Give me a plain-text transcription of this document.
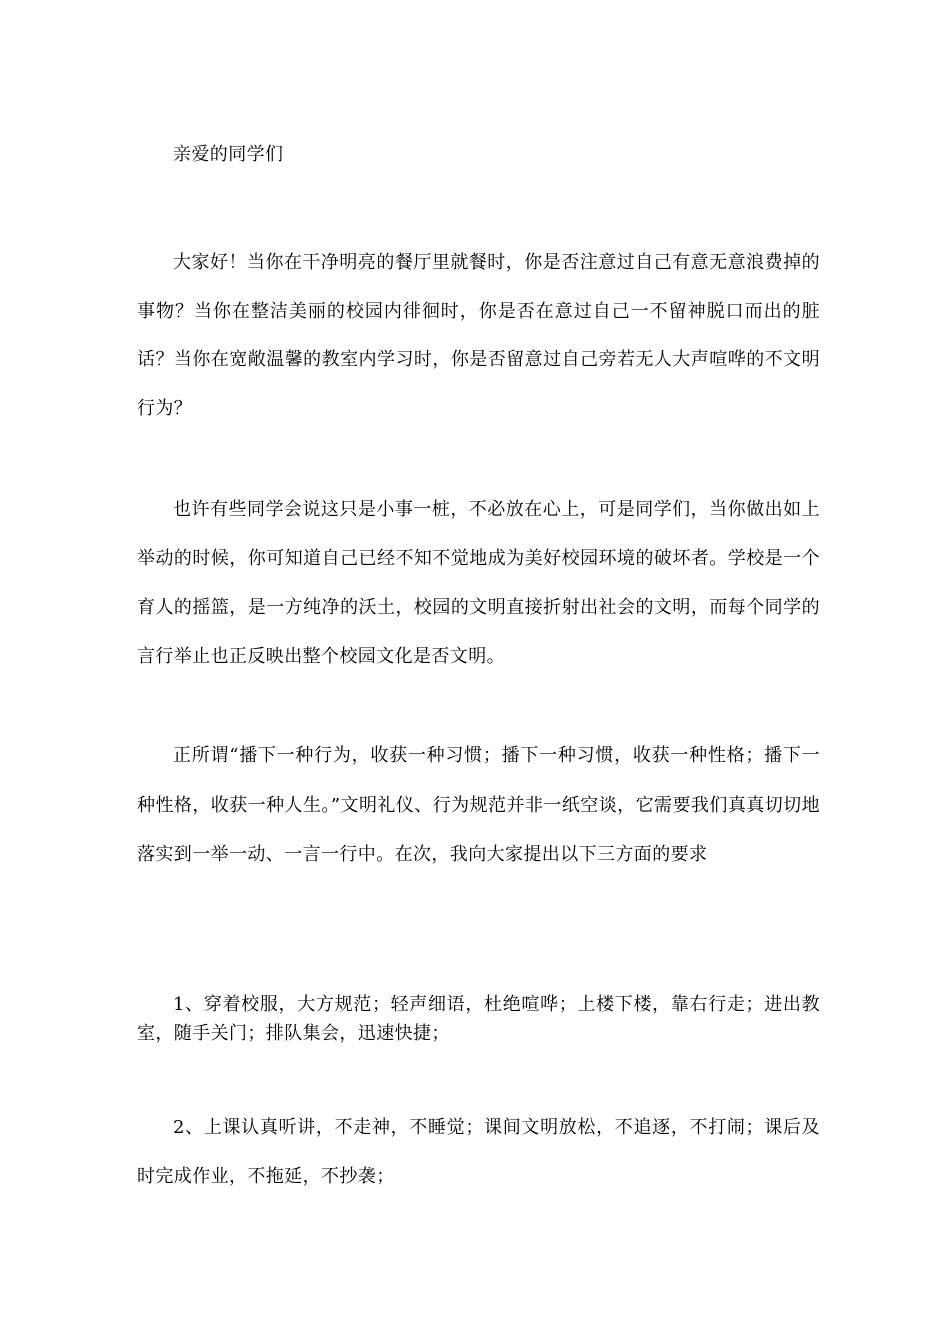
亲爱的同学们

大家好！当你在干净明亮的餐厅里就餐时，你是否注意过自己有意无意浪费掉的事物？当你在整洁美丽的校园内徘徊时，你是否在意过自己一不留神脱口而出的脏话？当你在宽敞温馨的教室内学习时，你是否留意过自己旁若无人大声喧哗的不文明行为？

也许有些同学会说这只是小事一桩，不必放在心上，可是同学们，当你做出如上举动的时候，你可知道自己已经不知不觉地成为美好校园环境的破坏者。学校是一个育人的摇篮，是一方纯净的沃土，校园的文明直接折射出社会的文明，而每个同学的言行举止也正反映出整个校园文化是否文明。

正所谓“播下一种行为，收获一种习惯；播下一种习惯，收获一种性格；播下一种性格，收获一种人生。”文明礼仪、行为规范并非一纸空谈，它需要我们真真切切地落实到一举一动、一言一行中。在次，我向大家提出以下三方面的要求

1、穿着校服，大方规范；轻声细语，杜绝喧哗；上楼下楼，靠右行走；进出教室，随手关门；排队集会，迅速快捷；

2、上课认真听讲，不走神，不睡觉；课间文明放松，不追逐，不打闹；课后及时完成作业，不拖延，不抄袭；
